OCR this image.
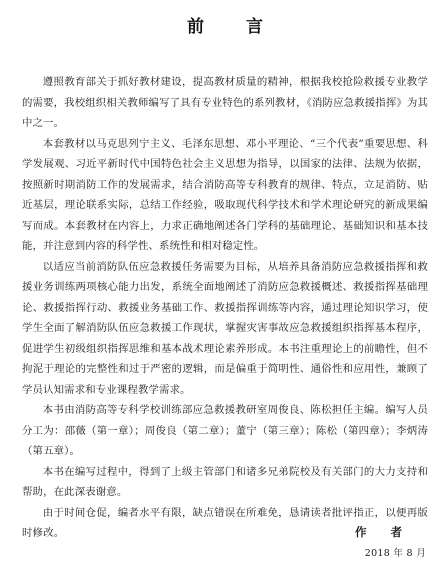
前 言

遵照教育部关于抓好教材建设，提高教材质量的精神，根据我校抢险救援专业教学的需要，我校组织相关教师编写了具有专业特色的系列教材，《消防应急救援指挥》为其中之一。

本套教材以马克思列宁主义、毛泽东思想、邓小平理论、“三个代表”重要思想、科学发展观、习近平新时代中国特色社会主义思想为指导，以国家的法律、法规为依据，按照新时期消防工作的发展需求，结合消防高等专科教育的规律、特点，立足消防、贴近基层，理论联系实际，总结工作经验，吸取现代科学技术和学术理论研究的新成果编写而成。本套教材在内容上，力求正确地阐述各门学科的基础理论、基础知识和基本技能，并注意到内容的科学性、系统性和相对稳定性。

以适应当前消防队伍应急救援任务需要为目标，从培养具备消防应急救援指挥和救援业务训练两项核心能力出发，系统全面地阐述了消防应急救援概述、救援指挥基础理论、救援指挥行动、救援业务基础工作、救援指挥训练等内容，通过理论知识学习，使学生全面了解消防队伍应急救援工作现状，掌握灾害事故应急救援组织指挥基本程序，促进学生初级组织指挥思维和基本战术理论素养形成。本书注重理论上的前瞻性，但不拘泥于理论的完整性和过于严密的逻辑，而是偏重于简明性、通俗性和应用性，兼顾了学员认知需求和专业课程教学需求。

本书由消防高等专科学校训练部应急救援教研室周俊良、陈松担任主编。编写人员分工为：邵薇（第一章）；周俊良（第二章）；董宁（第三章）；陈松（第四章）；李炳涛（第五章）。

本书在编写过程中，得到了上级主管部门和诸多兄弟院校及有关部门的大力支持和帮助，在此深表谢意。

由于时间仓促，编者水平有限，缺点错误在所难免，恳请读者批评指正，以便再版时修改。	作 者
2018 年 8 月
